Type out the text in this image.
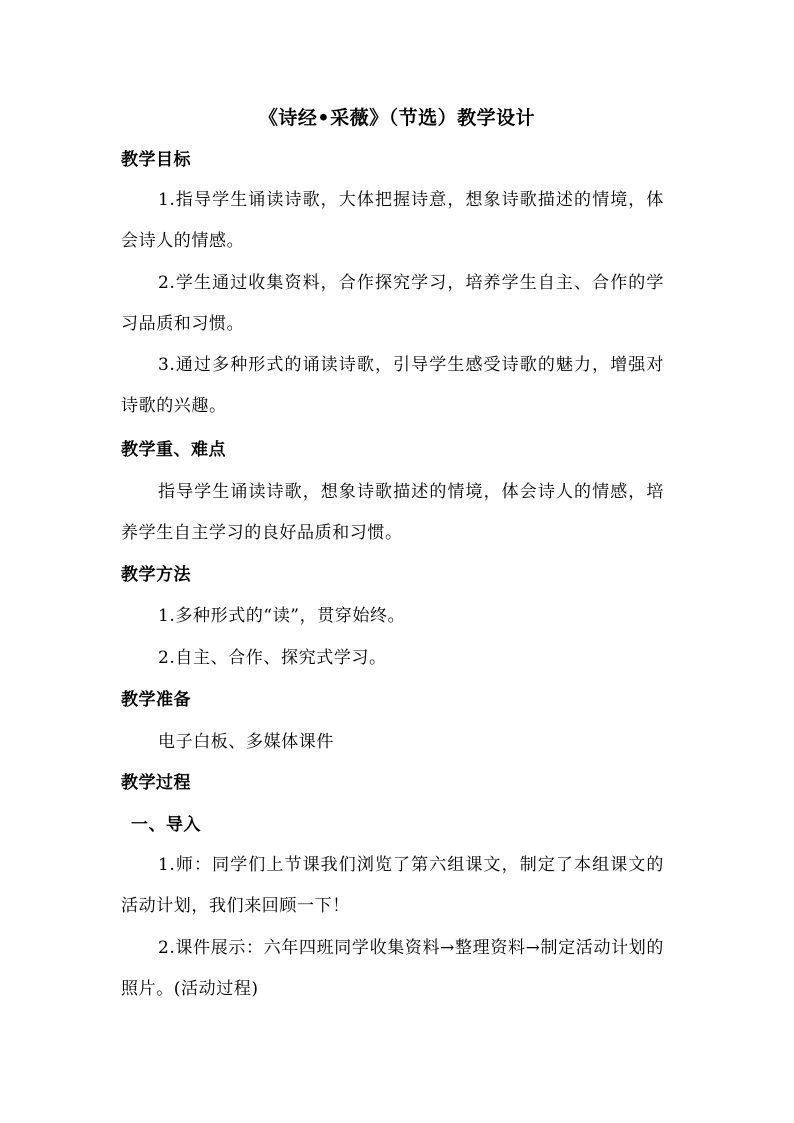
《诗经•采薇》（节选）教学设计
教学目标
1.指导学生诵读诗歌，大体把握诗意，想象诗歌描述的情境，体会诗人的情感。
2.学生通过收集资料，合作探究学习，培养学生自主、合作的学习品质和习惯。
3.通过多种形式的诵读诗歌，引导学生感受诗歌的魅力，增强对诗歌的兴趣。
教学重、难点
指导学生诵读诗歌，想象诗歌描述的情境，体会诗人的情感，培养学生自主学习的良好品质和习惯。
教学方法
1.多种形式的“读”，贯穿始终。
2.自主、合作、探究式学习。
教学准备
电子白板、多媒体课件
教学过程
一、导入
1.师：同学们上节课我们浏览了第六组课文，制定了本组课文的活动计划，我们来回顾一下！
2.课件展示：六年四班同学收集资料→整理资料→制定活动计划的照片。(活动过程)
